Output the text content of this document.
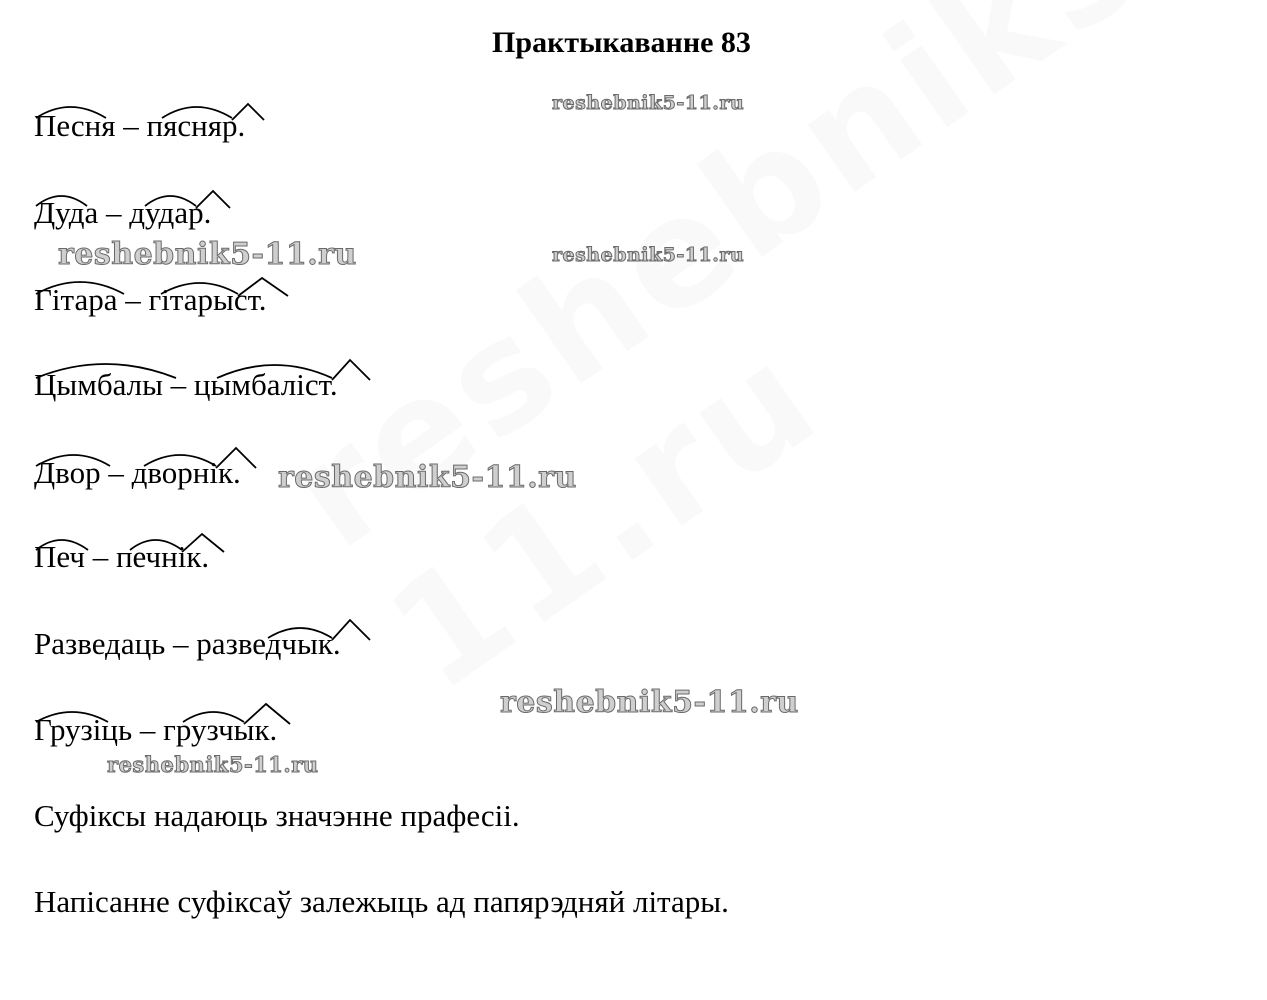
Практыкаванне 83
Песня – пясняр.
Дуда – дудар.
Гітара – гітарыст.
Цымбалы – цымбаліст.
Двор – дворнік.
Печ – печнік.
Разведаць – разведчык.
Грузіць – грузчык.
Суфіксы надаюць значэнне прафесіі.
Напісанне суфіксаў залежыць ад папярэдняй літары.
reshebnik5-11.ru
reshebnik5-11.ru	reshebnik5-11.ru
reshebnik5-11.ru
reshebnik5-11.ru
reshebnik5-11.ru
